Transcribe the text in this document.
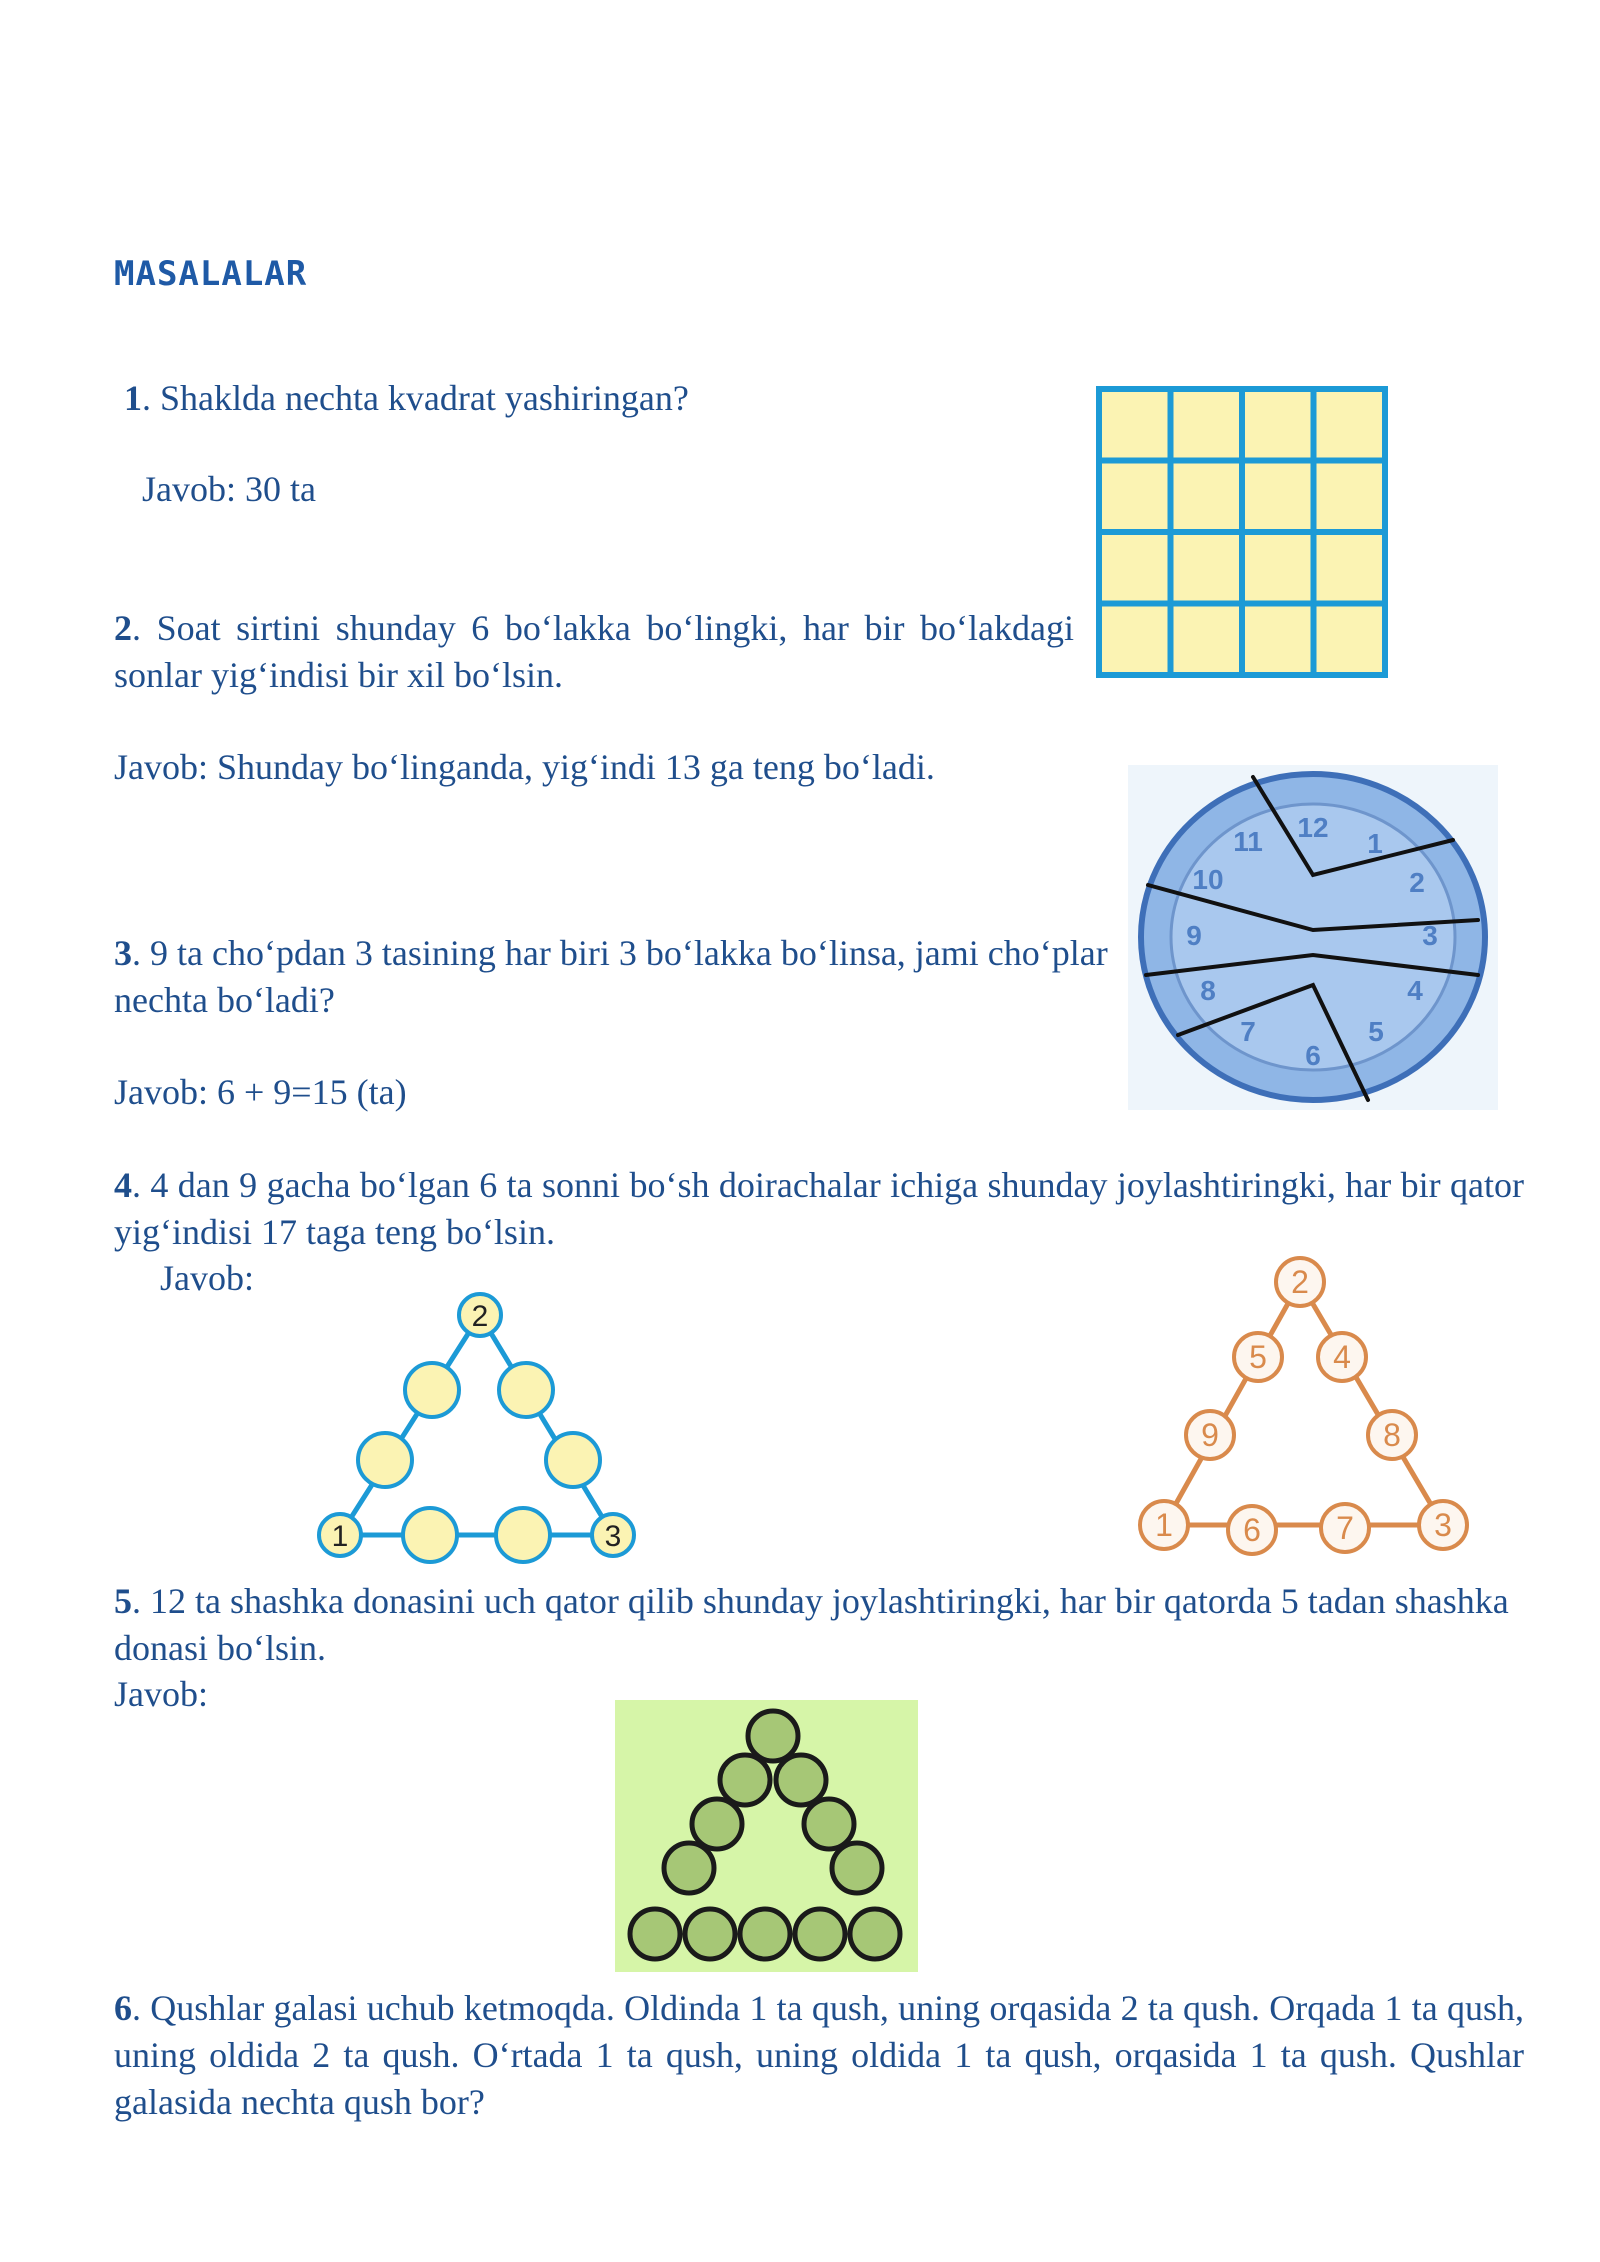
MASALALAR
1. Shaklda nechta kvadrat yashiringan?
Javob: 30 ta
2. Soat sirtini shunday 6 bo‘lakka bo‘lingki, har bir bo‘lakdagi sonlar yig‘indisi bir xil bo‘lsin.
Javob: Shunday bo‘linganda, yig‘indi 13 ga teng bo‘ladi.
12
1
2
3
4
5
6
7
8
9
10
11
3. 9 ta cho‘pdan 3 tasining har biri 3 bo‘lakka bo‘linsa, jami cho‘plar nechta bo‘ladi?
Javob: 6 + 9=15 (ta)
4. 4 dan 9 gacha bo‘lgan 6 ta sonni bo‘sh doirachalar ichiga shunday joylashtiringki, har bir qator yig‘indisi 17 taga teng bo‘lsin.
Javob:
2
1	3
2
5 4
9	8
1 6 7	3
5. 12 ta shashka donasini uch qator qilib shunday joylashtiringki, har bir qatorda 5 tadan shashka donasi bo‘lsin.
Javob:
6. Qushlar galasi uchub ketmoqda. Oldinda 1 ta qush, uning orqasida 2 ta qush. Orqada 1 ta qush, uning oldida 2 ta qush. O‘rtada 1 ta qush, uning oldida 1 ta qush, orqasida 1 ta qush. Qushlar galasida nechta qush bor?
